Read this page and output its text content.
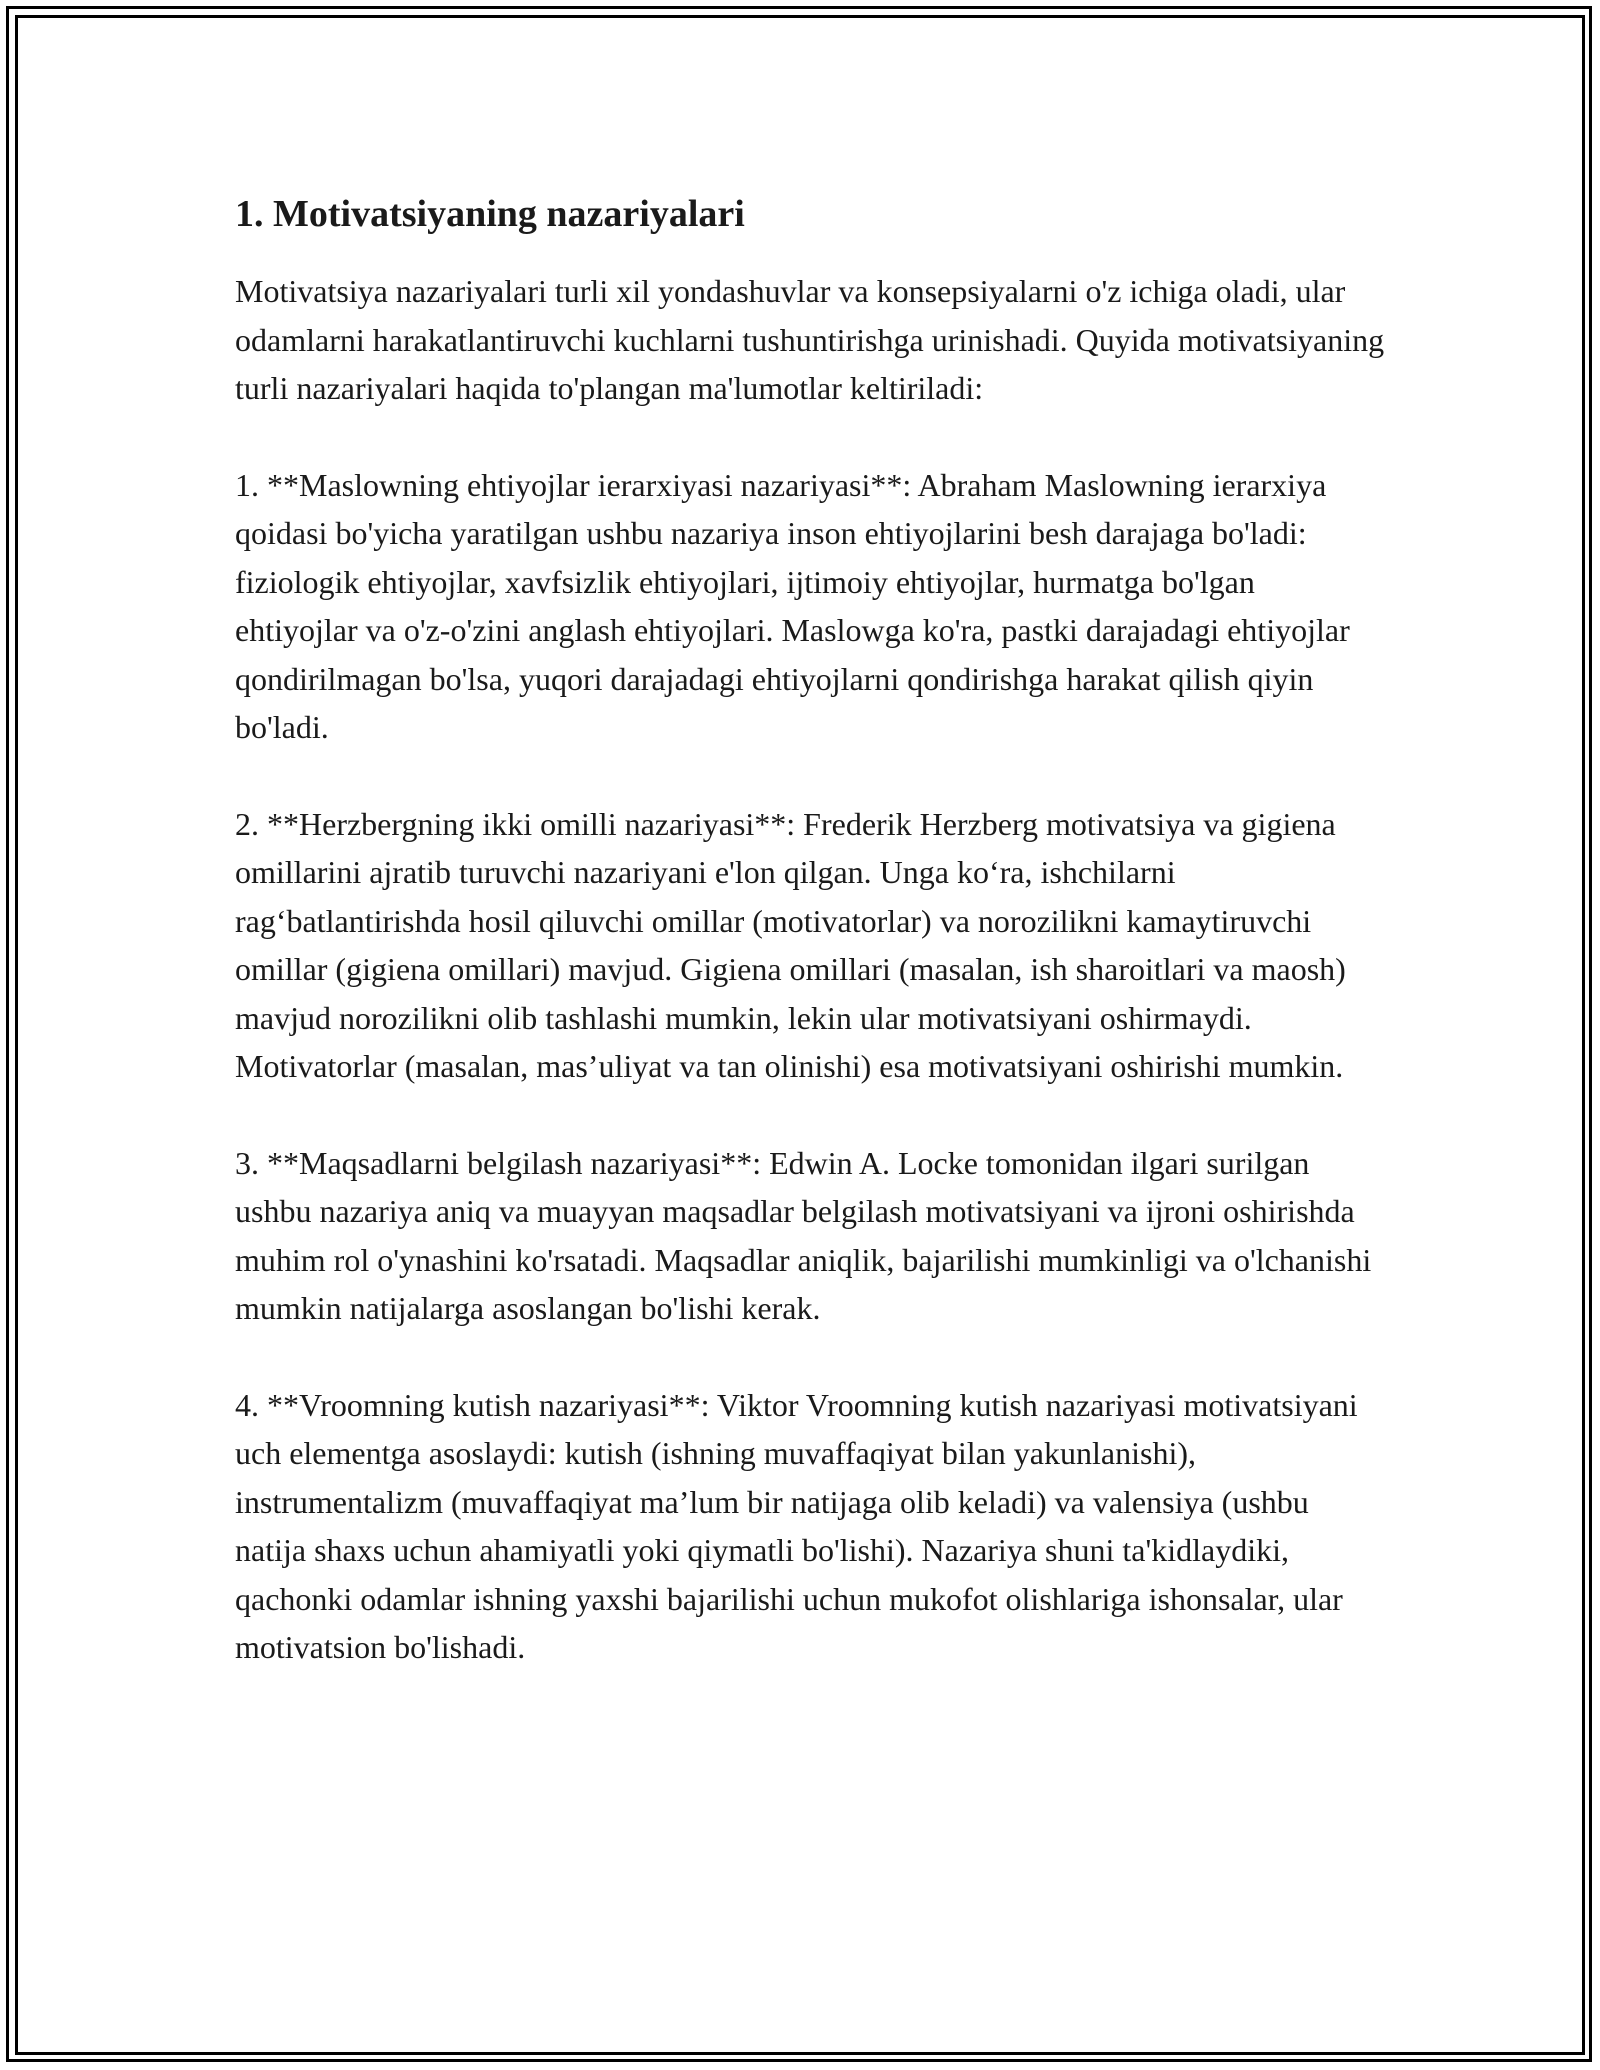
1. Motivatsiyaning nazariyalari

Motivatsiya nazariyalari turli xil yondashuvlar va konsepsiyalarni o'z ichiga oladi, ular odamlarni harakatlantiruvchi kuchlarni tushuntirishga urinishadi. Quyida motivatsiyaning turli nazariyalari haqida to'plangan ma'lumotlar keltiriladi:

1. **Maslowning ehtiyojlar ierarxiyasi nazariyasi**: Abraham Maslowning ierarxiya qoidasi bo'yicha yaratilgan ushbu nazariya inson ehtiyojlarini besh darajaga bo'ladi: fiziologik ehtiyojlar, xavfsizlik ehtiyojlari, ijtimoiy ehtiyojlar, hurmatga bo'lgan ehtiyojlar va o'z-o'zini anglash ehtiyojlari. Maslowga ko'ra, pastki darajadagi ehtiyojlar qondirilmagan bo'lsa, yuqori darajadagi ehtiyojlarni qondirishga harakat qilish qiyin bo'ladi.

2. **Herzbergning ikki omilli nazariyasi**: Frederik Herzberg motivatsiya va gigiena omillarini ajratib turuvchi nazariyani e'lon qilgan. Unga ko‘ra, ishchilarni rag‘batlantirishda hosil qiluvchi omillar (motivatorlar) va norozilikni kamaytiruvchi omillar (gigiena omillari) mavjud. Gigiena omillari (masalan, ish sharoitlari va maosh) mavjud norozilikni olib tashlashi mumkin, lekin ular motivatsiyani oshirmaydi. Motivatorlar (masalan, mas’uliyat va tan olinishi) esa motivatsiyani oshirishi mumkin.

3. **Maqsadlarni belgilash nazariyasi**: Edwin A. Locke tomonidan ilgari surilgan ushbu nazariya aniq va muayyan maqsadlar belgilash motivatsiyani va ijroni oshirishda muhim rol o'ynashini ko'rsatadi. Maqsadlar aniqlik, bajarilishi mumkinligi va o'lchanishi mumkin natijalarga asoslangan bo'lishi kerak.

4. **Vroomning kutish nazariyasi**: Viktor Vroomning kutish nazariyasi motivatsiyani uch elementga asoslaydi: kutish (ishning muvaffaqiyat bilan yakunlanishi), instrumentalizm (muvaffaqiyat ma’lum bir natijaga olib keladi) va valensiya (ushbu natija shaxs uchun ahamiyatli yoki qiymatli bo'lishi). Nazariya shuni ta'kidlaydiki, qachonki odamlar ishning yaxshi bajarilishi uchun mukofot olishlariga ishonsalar, ular motivatsion bo'lishadi.
